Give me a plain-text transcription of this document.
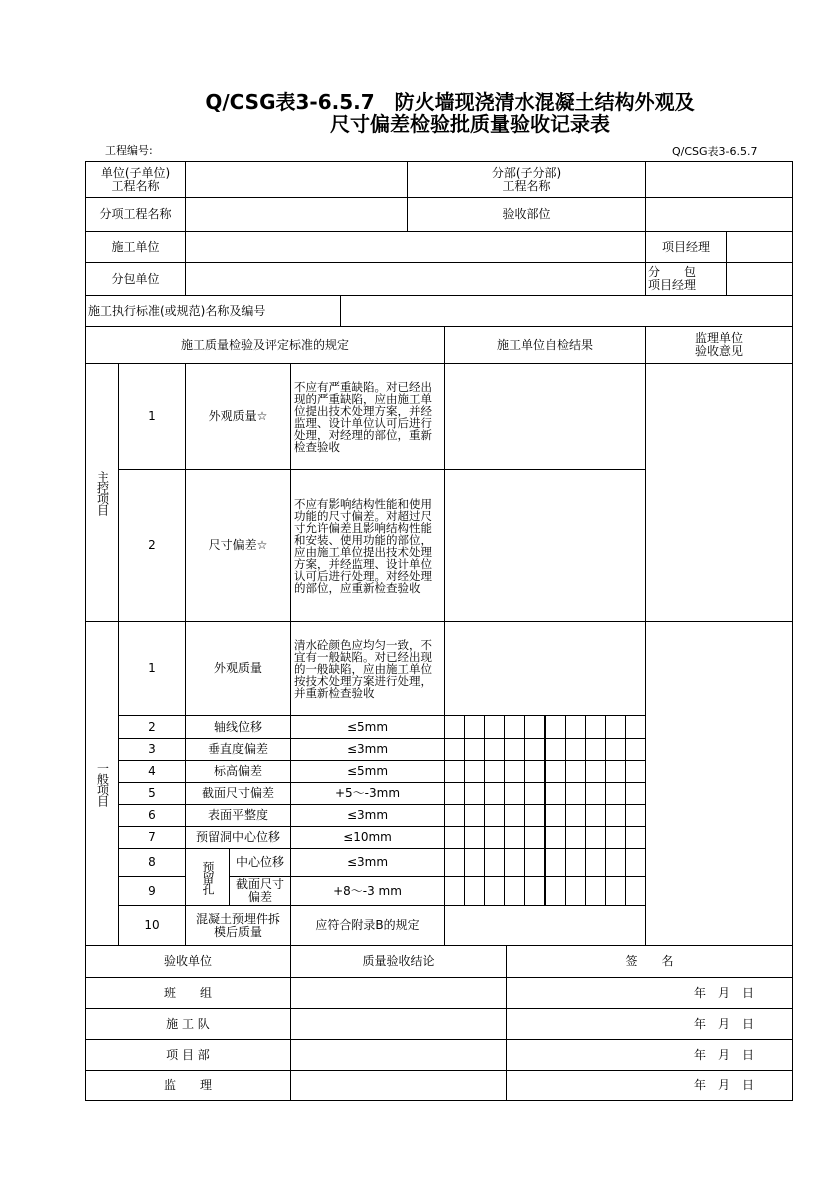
Q/CSG表3-6.5.7　防火墙现浇清水混凝土结构外观及
尺寸偏差检验批质量验收记录表
工程编号:	Q/CSG表3-6.5.7
单位(子单位)
工程名称
分部(子分部)
工程名称
分项工程名称	验收部位
施工单位	项目经理
分包单位	分　　包
项目经理
施工执行标准(或规范)名称及编号
施工质量检验及评定标准的规定	施工单位自检结果	监理单位
验收意见
主控项目
1	外观质量☆
不应有严重缺陷。对已经出现的严重缺陷，应由施工单位提出技术处理方案，并经监理、设计单位认可后进行处理，对经理的部位，重新检查验收
2	尺寸偏差☆
不应有影响结构性能和使用功能的尺寸偏差。对超过尺寸允许偏差且影响结构性能和安装、使用功能的部位，应由施工单位提出技术处理方案，并经监理、设计单位认可后进行处理。对经处理的部位，应重新检查验收
一般项目
1	外观质量
清水砼颜色应均匀一致，不宜有一般缺陷。对已经出现的一般缺陷，应由施工单位按技术处理方案进行处理，并重新检查验收
2	轴线位移	≤5mm
3	垂直度偏差	≤3mm
4	标高偏差	≤5mm
5	截面尺寸偏差	+5～-3mm
6	表面平整度	≤3mm
7	预留洞中心位移	≤10mm
预留孔
8	中心位移	≤3mm
9	截面尺寸
偏差	+8～-3 mm
10	混凝土预埋件拆
模后质量	应符合附录B的规定
验收单位	质量验收结论	签　　名
班　　组	年　月　日
施 工 队	年　月　日
项 目 部	年　月　日
监　　理	年　月　日
